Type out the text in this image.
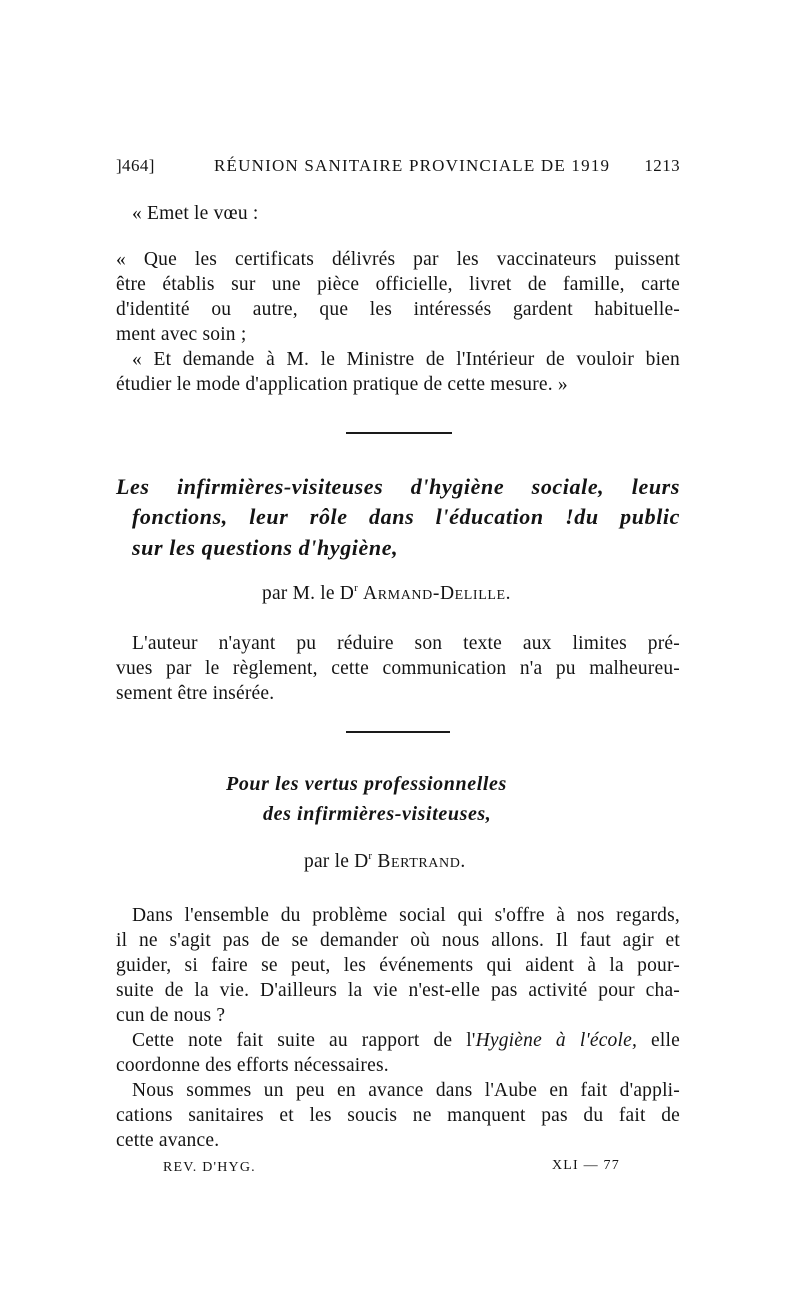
]464]	RÉUNION SANITAIRE PROVINCIALE DE 1919 1213
« Emet le vœu :
« Que les certificats délivrés par les vaccinateurs puissent
être établis sur une pièce officielle, livret de famille, carte
d'identité ou autre, que les intéressés gardent habituelle-
ment avec soin ;
« Et demande à M. le Ministre de l'Intérieur de vouloir bien
étudier le mode d'application pratique de cette mesure. »
Les infirmières-visiteuses d'hygiène sociale, leurs
fonctions, leur rôle dans l'éducation !du public
sur les questions d'hygiène,
par M. le $D^r$ Armand-Delille.
L'auteur n'ayant pu réduire son texte aux limites pré-
vues par le règlement, cette communication n'a pu malheureu-
sement être insérée.
Pour les vertus professionnelles
des infirmières-visiteuses,
par le $D^r$ Bertrand.
Dans l'ensemble du problème social qui s'offre à nos regards,
il ne s'agit pas de se demander où nous allons. Il faut agir et
guider, si faire se peut, les événements qui aident à la pour-
suite de la vie. D'ailleurs la vie n'est-elle pas activité pour cha-
cun de nous ?
Cette note fait suite au rapport de l'Hygiène à l'école, elle
coordonne des efforts nécessaires.
Nous sommes un peu en avance dans l'Aube en fait d'appli-
cations sanitaires et les soucis ne manquent pas du fait de
cette avance.
REV. D'HYG.	XLI — 77
